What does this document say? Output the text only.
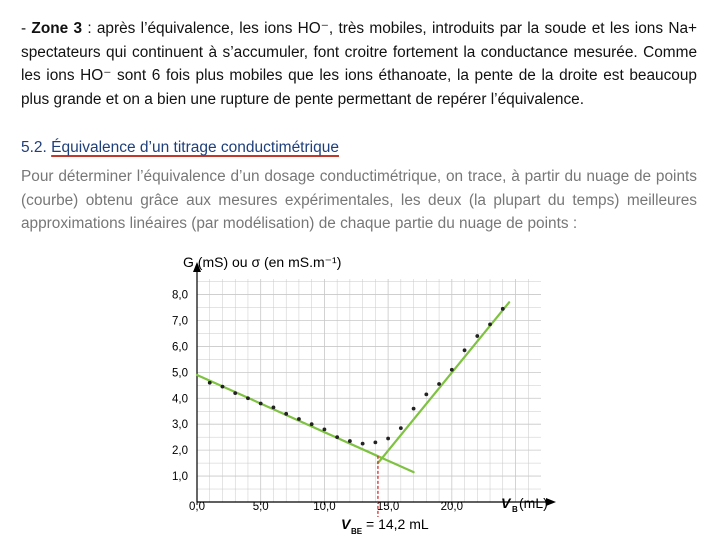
- Zone 3 : après l’équivalence, les ions HO⁻, très mobiles, introduits par la soude et les ions Na+ spectateurs qui continuent à s’accumuler, font croitre fortement la conductance mesurée. Comme les ions HO⁻ sont 6 fois plus mobiles que les ions éthanoate, la pente de la droite est beaucoup plus grande et on a bien une rupture de pente permettant de repérer l’équivalence.

5.2. Équivalence d’un titrage conductimétrique

Pour déterminer l’équivalence d’un dosage conductimétrique, on trace, à partir du nuage de points (courbe) obtenu grâce aux mesures expérimentales, les deux (la plupart du temps) meilleures approximations linéaires (par modélisation) de chaque partie du nuage de points :

0,0	5,0	10,0	15,0	20,0
1,0
2,0
3,0
4,0
5,0
6,0
7,0
8,0
G (mS) ou σ (en mS.m⁻¹)
V B (mL)
V BE = 14,2 mL
